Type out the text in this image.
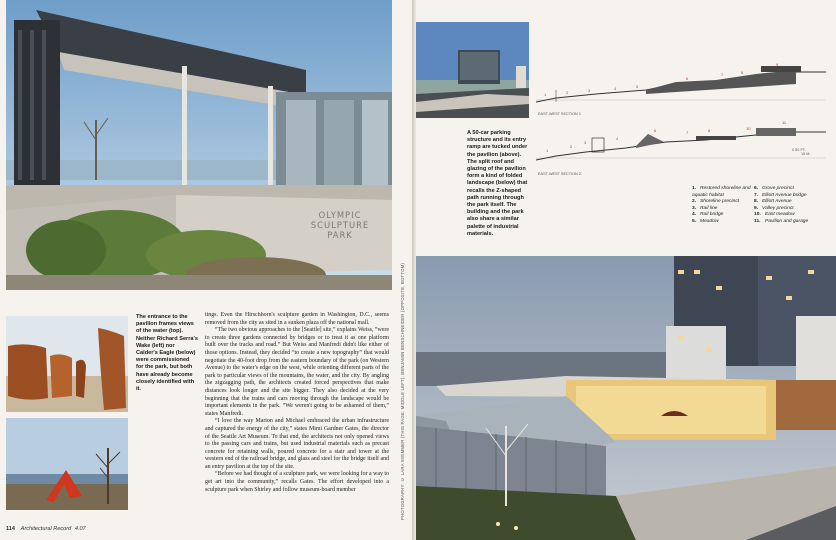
OLYMPIC
SCULPTURE
PARK
The entrance to the pavilion frames views of the water (top). Neither Richard Serra's Wake (left) nor Calder's Eagle (below) were commissioned for the park, but both have already become closely identified with it.

tings. Even the Hirschhorn's sculpture garden in Washington, D.C., seems removed from the city as sited in a sunken plaza off the national mall.

“The two obvious approaches to the [Seattle] site,” explains Weiss, “were to create three gardens connected by bridges or to treat it as one platform built over the tracks and road.” But Weiss and Manfredi didn't like either of those options. Instead, they decided “to create a new topography” that would negotiate the 40-foot drop from the eastern boundary of the park (on Western Avenue) to the water's edge on the west, while orienting different parts of the park to particular views of the mountains, the water, and the city. By angling the zigzagging path, the architects created forced perspectives that make distances look longer and the site bigger. They also decided at the very beginning that the trains and cars moving through the landscape would be important elements in the park. “We weren't going to be ashamed of them,” states Manfredi.

“I love the way Marion and Michael embraced the urban infrastructure and captured the energy of the city,” states Mimi Gardner Gates, the director of the Seattle Art Museum. To that end, the architects not only opened views to the passing cars and trains, but used industrial materials such as precast concrete for retaining walls, poured concrete for a stair and tower at the western end of the railroad bridge, and glass and steel for the bridge itself and an entry pavilion at the top of the site.

“Before we had thought of a sculpture park, we were looking for a way to get art into the community,” recalls Gates. The effort developed into a sculpture park when Shirley and follow museum-board member

114 Architectural Record 4.07
PHOTOGRAPHY: © LARA SWIMMER (THIS PAGE, MIDDLE LEFT); BENJAMIN BENSCHNEIDER (OPPOSITE, BOTTOM)
1	2	3	4	5
6
7	8
9
EAST-WEST SECTION 1
1
2
3
4
6	7	8	10
11
EAST-WEST SECTION 2
0 50 FT.
15 M.
A 50-car parking structure and its entry ramp are tucked under the pavilion (above). The split roof and glazing of the pavilion form a kind of folded landscape (below) that recalls the Z-shaped path running through the park itself. The building and the park also share a similar palette of industrial materials.
1. Restored shoreline and aquatic habitat
2. Shoreline precinct
3. Rail line
4. Rail bridge
5. Meadow
6. Grove precinct
7. Elliott Avenue bridge
8. Elliott Avenue
9. Valley precinct
10. East meadow
11. Pavilion and garage
